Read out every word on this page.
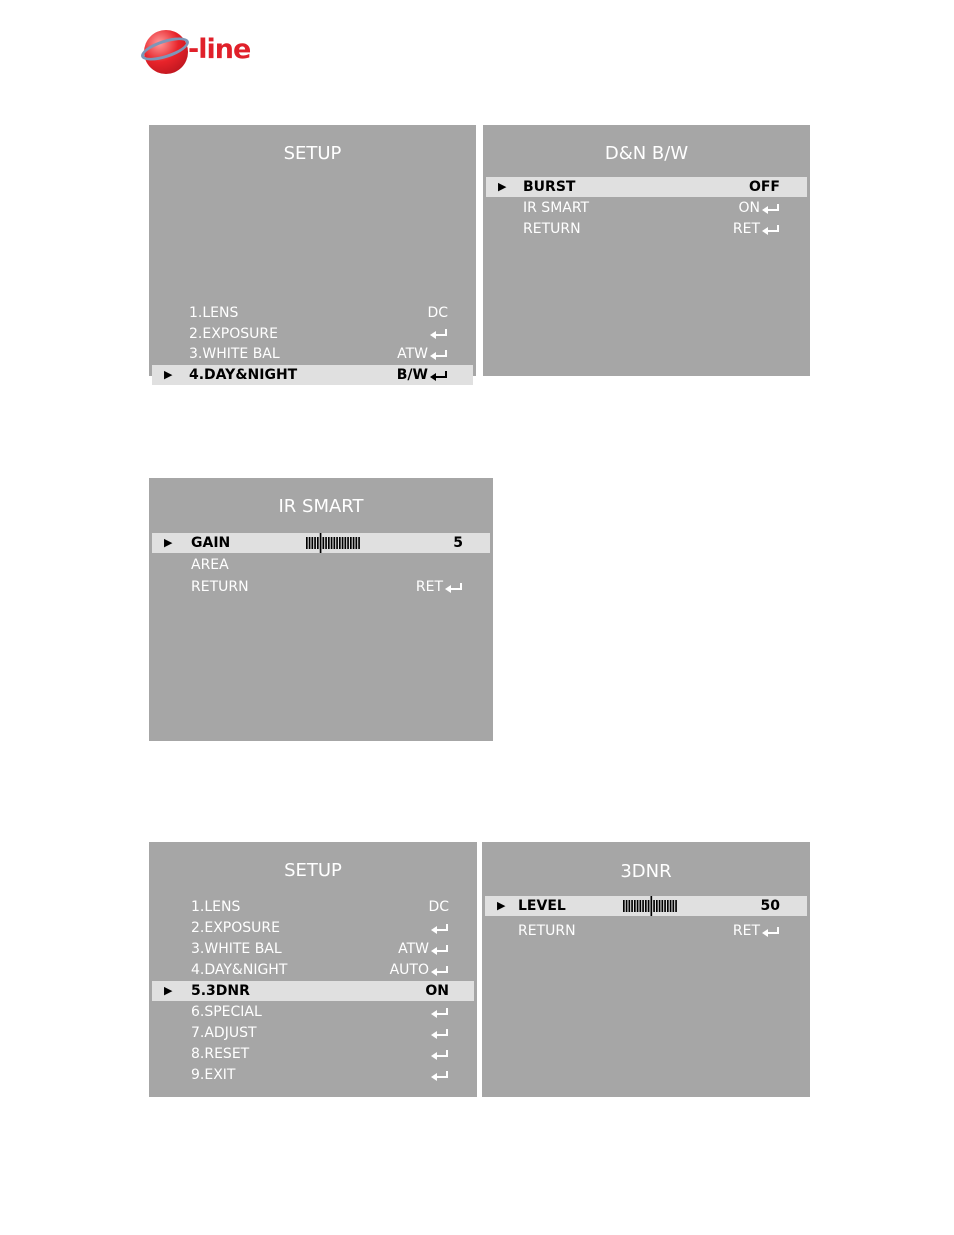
-line
SETUP
1.LENS	DC
2.EXPOSURE
3.WHITE BAL	ATW
▶ 4.DAY&NIGHT	B/W
5.3DNR	ON
6.SPECIAL
7.ADJUST
8.RESET
D&N B/W
▶ BURST	OFF
IR SMART	ON
RETURN	RET
IR SMART
▶ GAIN	5
AREA
RETURN	RET
SETUP
1.LENS	DC
2.EXPOSURE
3.WHITE BAL	ATW
4.DAY&NIGHT	AUTO
▶ 5.3DNR	ON
6.SPECIAL
7.ADJUST
8.RESET
9.EXIT
3DNR
▶ LEVEL	50
RETURN	RET
